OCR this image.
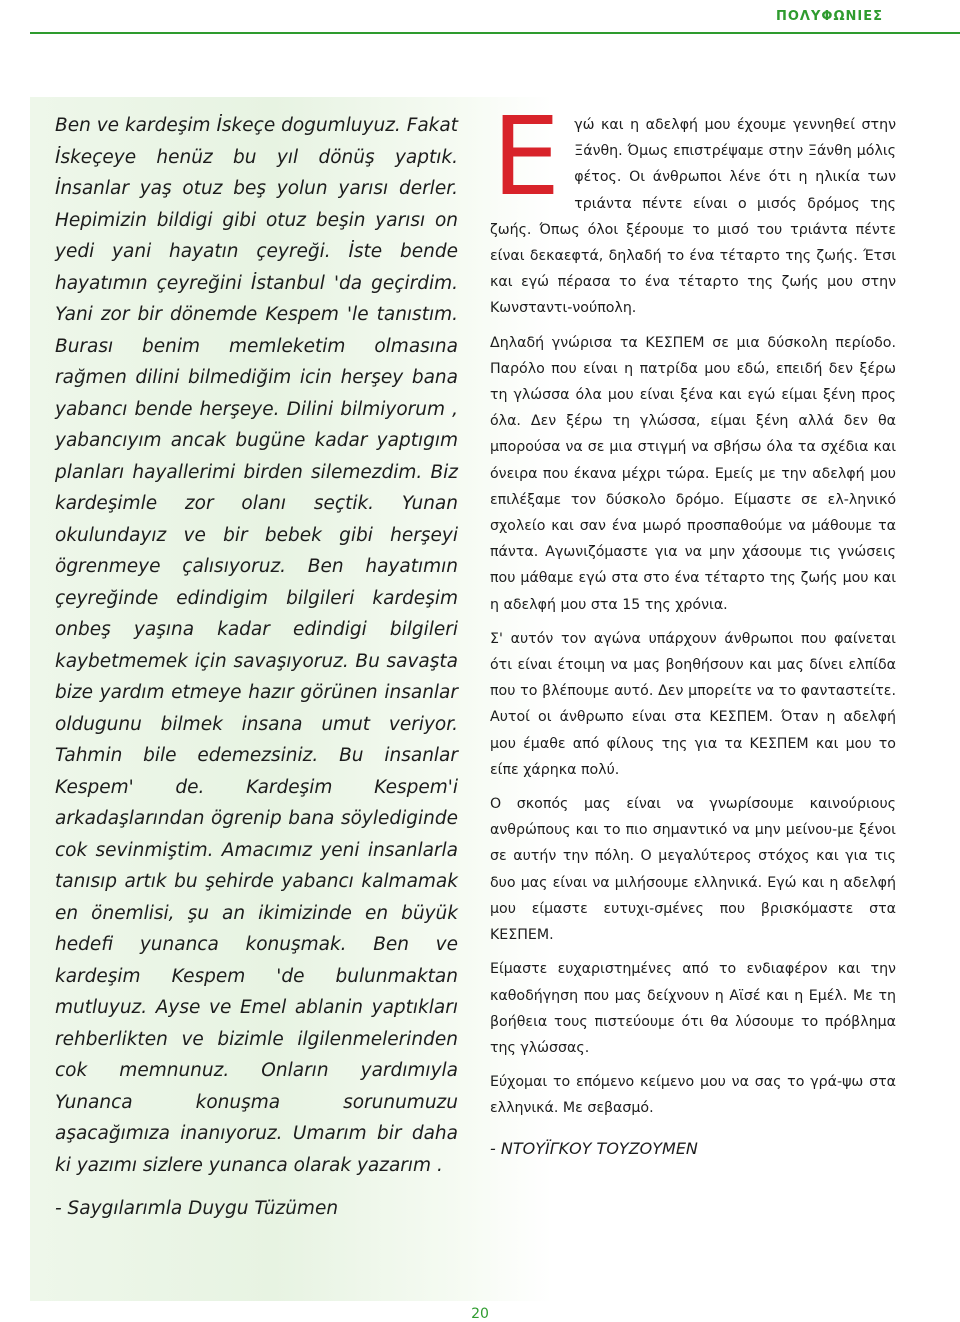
ΠΟΛΥΦΩΝΙΕΣ

Ben ve kardeşim İskeçe dogumluyuz. Fakat İskeçeye henüz bu yıl dönüş yaptık. İnsanlar yaş otuz beş yolun yarısı derler. Hepimizin bildigi gibi otuz beşin yarısı on yedi yani hayatın çeyreği. İste bende hayatımın çeyreğini İstanbul 'da geçirdim. Yani zor bir dönemde Kespem 'le tanıstım. Burası benim memleketim olmasına rağmen dilini bilmediğim icin herşey bana yabancı bende herşeye. Dilini bilmiyorum , yabancıyım ancak bugüne kadar yaptıgım planları hayallerimi birden silemezdim. Biz kardeşimle zor olanı seçtik. Yunan okulundayız ve bir bebek gibi herşeyi ögrenmeye çalısıyoruz. Ben hayatımın çeyreğinde edindigim bilgileri kardeşim onbeş yaşına kadar edindigi bilgileri kaybetmemek için savaşıyoruz. Bu savaşta bize yardım etmeye hazır görünen insanlar oldugunu bilmek insana umut veriyor. Tahmin bile edemezsiniz. Bu insanlar Kespem' de. Kardeşim Kespem'i arkadaşlarından ögrenip bana söylediginde cok sevinmiştim. Amacımız yeni insanlarla tanısıp artık bu şehirde yabancı kalmamak en önemlisi, şu an ikimizinde en büyük hedefi yunanca konuşmak. Ben ve kardeşim Kespem 'de bulunmaktan mutluyuz. Ayse ve Emel ablanin yaptıkları rehberlikten ve bizimle ilgilenmelerinden cok memnunuz. Onların yardımıyla Yunanca konuşma sorunumuzu aşacağımıza inanıyoruz. Umarım bir daha ki yazımı sizlere yunanca olarak yazarım .

- Saygılarımla Duygu Tüzümen

Ε γώ και η αδελφή μου έχουμε γεννηθεί στην Ξάνθη. Όμως επιστρέψαμε στην Ξάνθη μόλις φέτος. Οι άνθρωποι λένε ότι η ηλικία των τριάντα πέντε είναι ο μισός δρόμος της ζωής. Όπως όλοι ξέρουμε το μισό του τριάντα πέντε είναι δεκαεφτά, δηλαδή το ένα τέταρτο της ζωής. Έτσι και εγώ πέρασα το ένα τέταρτο της ζωής μου στην Κωνσταντι-νούπολη.

Δηλαδή γνώρισα τα ΚΕΣΠΕΜ σε μια δύσκολη περίοδο. Παρόλο που είναι η πατρίδα μου εδώ, επειδή δεν ξέρω τη γλώσσα όλα μου είναι ξένα και εγώ είμαι ξένη προς όλα. Δεν ξέρω τη γλώσσα, είμαι ξένη αλλά δεν θα μπορούσα να σε μια στιγμή να σβήσω όλα τα σχέδια και όνειρα που έκανα μέχρι τώρα. Εμείς με την αδελφή μου επιλέξαμε τον δύσκολο δρόμο. Είμαστε σε ελ-ληνικό σχολείο και σαν ένα μωρό προσπαθούμε να μάθουμε τα πάντα. Αγωνιζόμαστε για να μην χάσουμε τις γνώσεις που μάθαμε εγώ στα στο ένα τέταρτο της ζωής μου και η αδελφή μου στα 15 της χρόνια.

Σ' αυτόν τον αγώνα υπάρχουν άνθρωποι που φαίνεται ότι είναι έτοιμη να μας βοηθήσουν και μας δίνει ελπίδα που το βλέπουμε αυτό. Δεν μπορείτε να το φανταστείτε. Αυτοί οι άνθρωπο είναι στα ΚΕΣΠΕΜ. Όταν η αδελφή μου έμαθε από φίλους της για τα ΚΕΣΠΕΜ και μου το είπε χάρηκα πολύ.

Ο σκοπός μας είναι να γνωρίσουμε καινούριους ανθρώπους και το πιο σημαντικό να μην μείνου-με ξένοι σε αυτήν την πόλη. Ο μεγαλύτερος στόχος και για τις δυο μας είναι να μιλήσουμε ελληνικά. Εγώ και η αδελφή μου είμαστε ευτυχι-σμένες που βρισκόμαστε στα ΚΕΣΠΕΜ.

Είμαστε ευχαριστημένες από το ενδιαφέρον και την καθοδήγηση που μας δείχνουν η Αϊσέ και η Εμέλ. Με τη βοήθεια τους πιστεύουμε ότι θα λύσουμε το πρόβλημα της γλώσσας.

Εύχομαι το επόμενο κείμενο μου να σας το γρά-ψω στα ελληνικά. Με σεβασμό.

- ΝΤΟΥΪΓΚΟΥ ΤΟΥΖΟΥΜΕΝ

20
